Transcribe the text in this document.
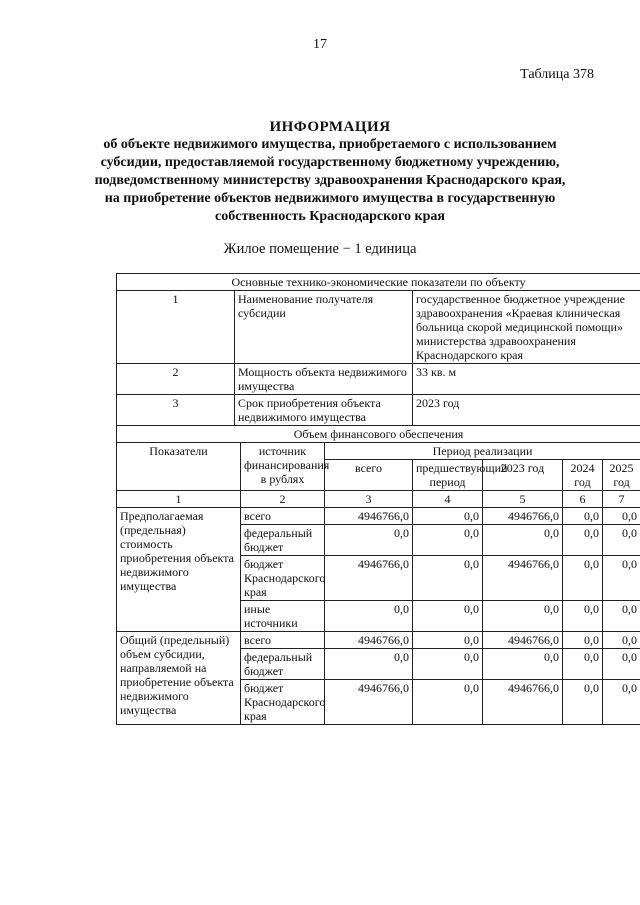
17
Таблица 378
ИНФОРМАЦИЯ
об объекте недвижимого имущества, приобретаемого с использованием
субсидии, предоставляемой государственному бюджетному учреждению,
подведомственному министерству здравоохранения Краснодарского края,
на приобретение объектов недвижимого имущества в государственную
собственность Краснодарского края
Жилое помещение − 1 единица
Основные технико-экономические показатели по объекту							
1	Наименование получателя субсидии			государственное бюджетное учреждение здравоохранения «Краевая клиническая больница скорой медицинской помощи» министерства здравоохранения Краснодарского края			
2	Мощность объекта недвижимого имущества			33 кв. м			
3	Срок приобретения объекта недвижимого имущества			2023 год			
Объем финансового обеспечения							
Показатели		источник финансирования в рублях	Период реализации				
			всего	предшествующий период	2023 год	2024 год	2025 год
1		2	3	4	5	6	7
Предполагаемая (предельная) стоимость приобретения объекта недвижимого имущества		всего	4946766,0	0,0	4946766,0	0,0	0,0
		федеральный бюджет	0,0	0,0	0,0	0,0	0,0
		бюджет Краснодарского края	4946766,0	0,0	4946766,0	0,0	0,0
		иные источники	0,0	0,0	0,0	0,0	0,0
Общий (предельный) объем субсидии, направляемой на приобретение объекта недвижимого имущества		всего	4946766,0	0,0	4946766,0	0,0	0,0
		федеральный бюджет	0,0	0,0	0,0	0,0	0,0
		бюджет Краснодарского края	4946766,0	0,0	4946766,0	0,0	0,0
